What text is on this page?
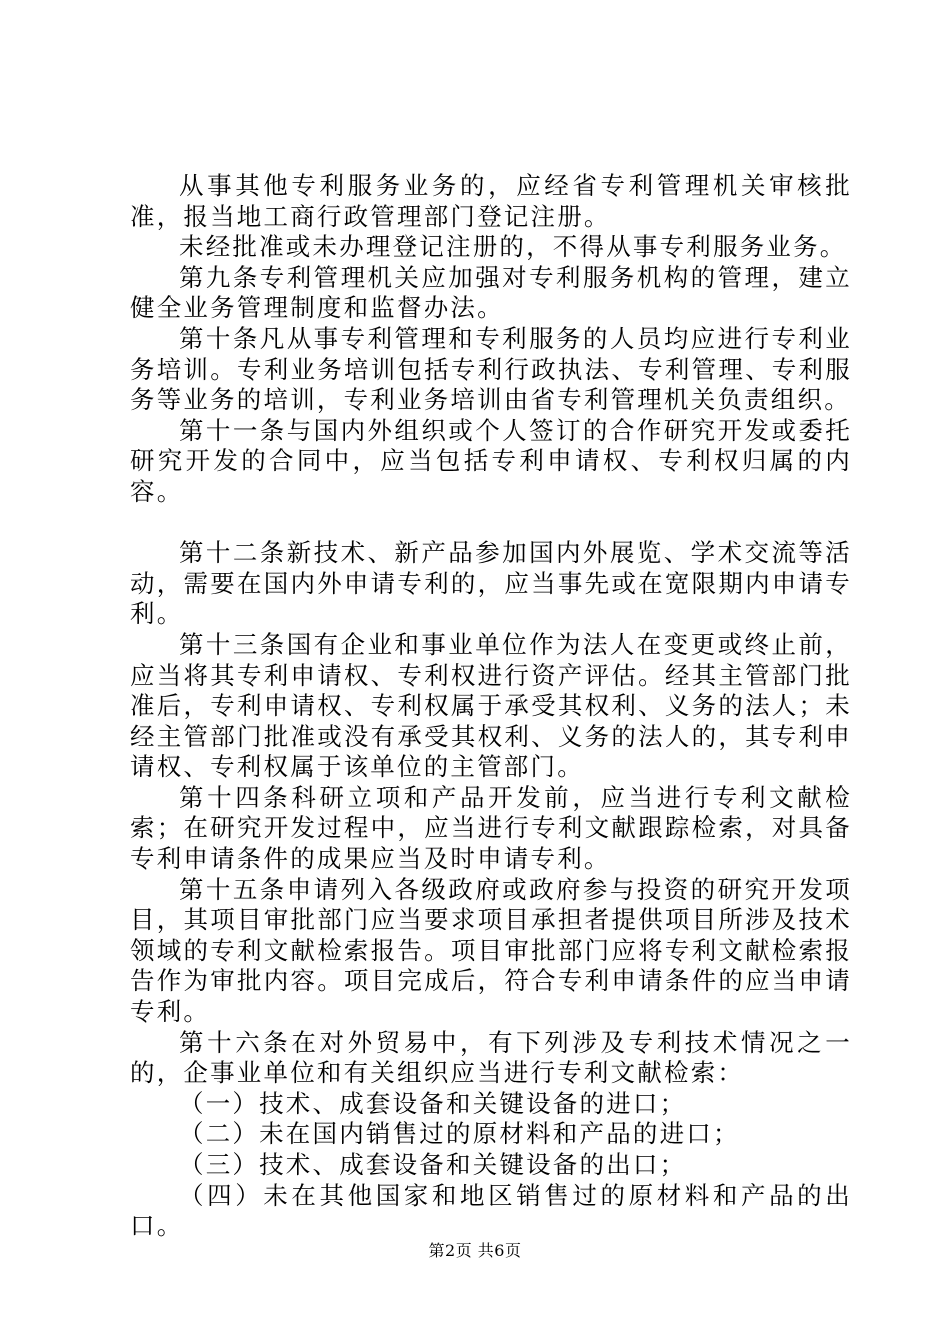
从事其他专利服务业务的，应经省专利管理机关审核批准，报当地工商行政管理部门登记注册。

未经批准或未办理登记注册的，不得从事专利服务业务。

第九条专利管理机关应加强对专利服务机构的管理，建立健全业务管理制度和监督办法。

第十条凡从事专利管理和专利服务的人员均应进行专利业务培训。专利业务培训包括专利行政执法、专利管理、专利服务等业务的培训，专利业务培训由省专利管理机关负责组织。

第十一条与国内外组织或个人签订的合作研究开发或委托研究开发的合同中，应当包括专利申请权、专利权归属的内容。

第十二条新技术、新产品参加国内外展览、学术交流等活动，需要在国内外申请专利的，应当事先或在宽限期内申请专利。

第十三条国有企业和事业单位作为法人在变更或终止前，应当将其专利申请权、专利权进行资产评估。经其主管部门批准后，专利申请权、专利权属于承受其权利、义务的法人；未经主管部门批准或没有承受其权利、义务的法人的，其专利申请权、专利权属于该单位的主管部门。

第十四条科研立项和产品开发前，应当进行专利文献检索；在研究开发过程中，应当进行专利文献跟踪检索，对具备专利申请条件的成果应当及时申请专利。

第十五条申请列入各级政府或政府参与投资的研究开发项目，其项目审批部门应当要求项目承担者提供项目所涉及技术领域的专利文献检索报告。项目审批部门应将专利文献检索报告作为审批内容。项目完成后，符合专利申请条件的应当申请专利。

第十六条在对外贸易中，有下列涉及专利技术情况之一的，企事业单位和有关组织应当进行专利文献检索：

（一）技术、成套设备和关键设备的进口；

（二）未在国内销售过的原材料和产品的进口；

（三）技术、成套设备和关键设备的出口；

（四）未在其他国家和地区销售过的原材料和产品的出口。

第2页 共6页
